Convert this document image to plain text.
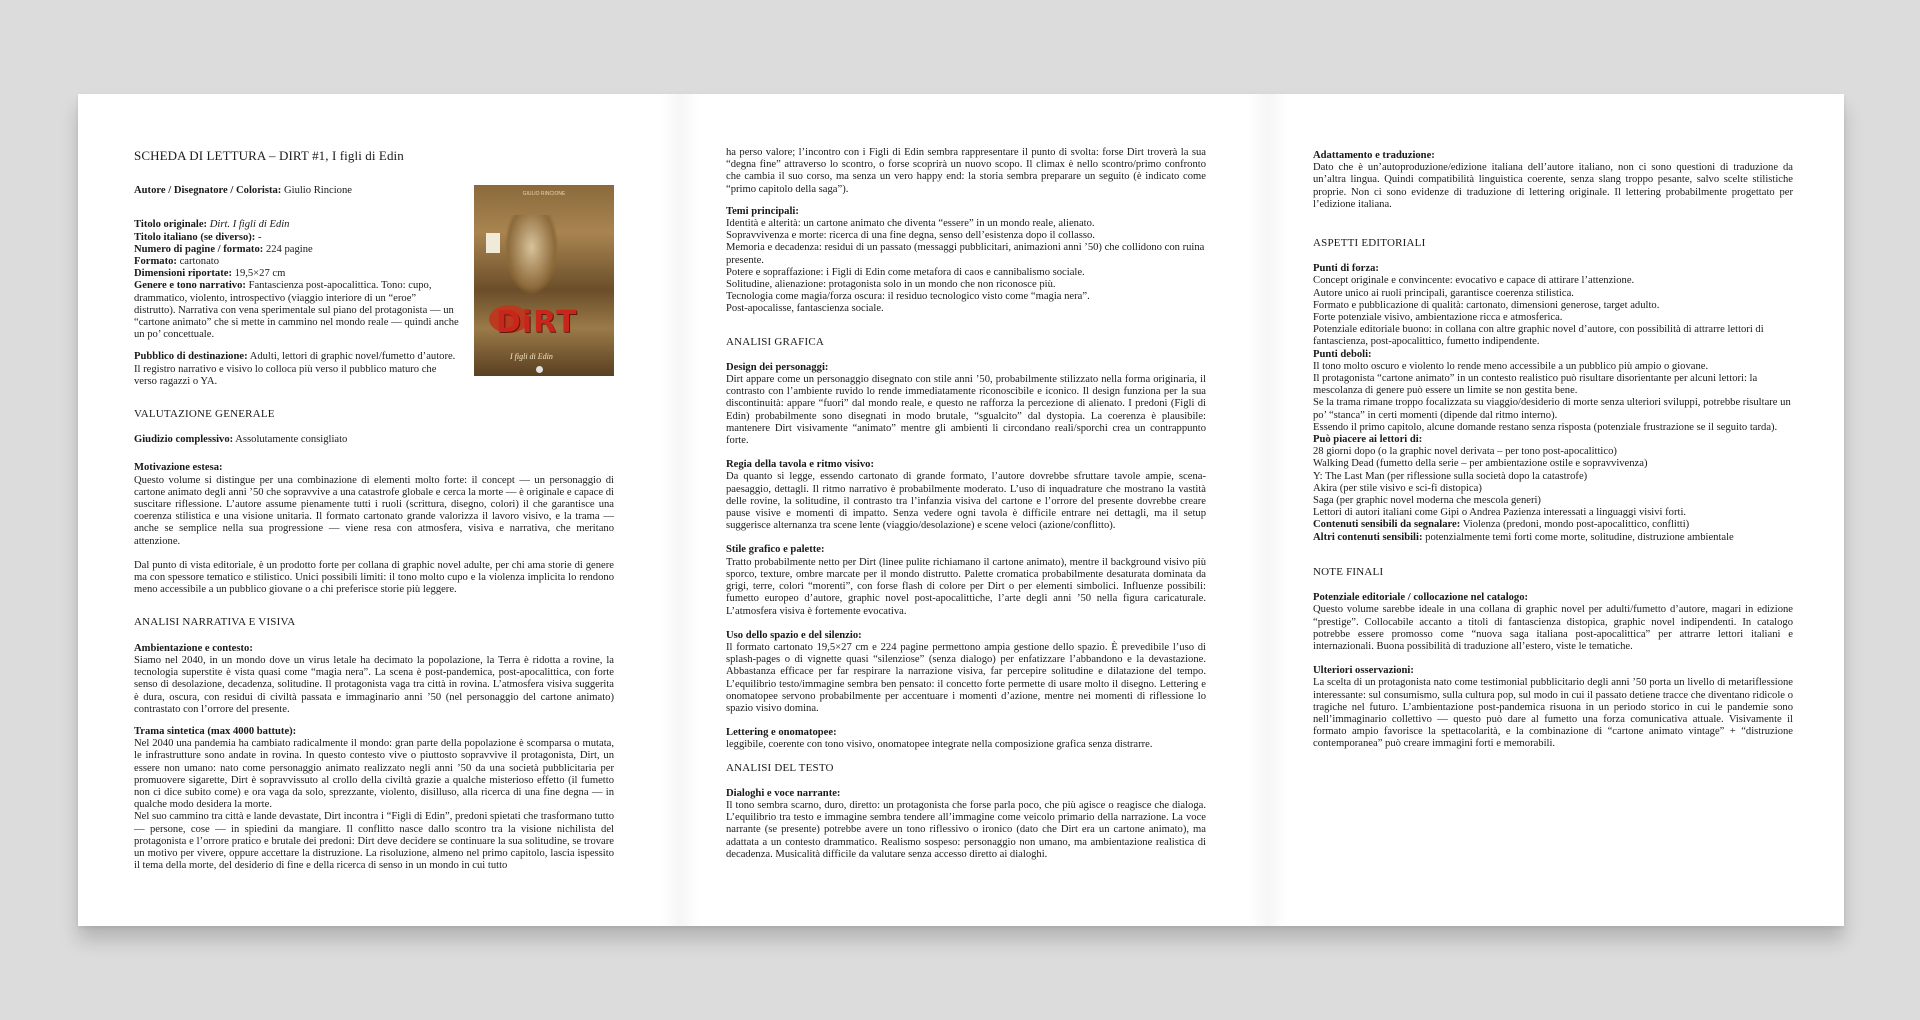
SCHEDA DI LETTURA – DIRT #1, I figli di Edin
GIULIO RINCIONE
DiRT
I figli di Edin

Autore / Disegnatore / Colorista: Giulio Rincione

Titolo originale: Dirt. I figli di Edin

Titolo italiano (se diverso): -

Numero di pagine / formato: 224 pagine

Formato: cartonato

Dimensioni riportate: 19,5×27 cm

Genere e tono narrativo: Fantascienza post-apocalittica. Tono: cupo, drammatico, violento, introspectivo (viaggio interiore di un “eroe” distrutto). Narrativa con vena sperimentale sul piano del protagonista — un “cartone animato” che si mette in cammino nel mondo reale — quindi anche un po’ concettuale.

Pubblico di destinazione: Adulti, lettori di graphic novel/fumetto d’autore. Il registro narrativo e visivo lo colloca più verso il pubblico maturo che verso ragazzi o YA.

VALUTAZIONE GENERALE

Giudizio complessivo: Assolutamente consigliato

Motivazione estesa:

Questo volume si distingue per una combinazione di elementi molto forte: il concept — un personaggio di cartone animato degli anni ’50 che sopravvive a una catastrofe globale e cerca la morte — è originale e capace di suscitare riflessione. L’autore assume pienamente tutti i ruoli (scrittura, disegno, colori) il che garantisce una coerenza stilistica e una visione unitaria. Il formato cartonato grande valorizza il lavoro visivo, e la trama — anche se semplice nella sua progressione — viene resa con atmosfera, visiva e narrativa, che meritano attenzione.

Dal punto di vista editoriale, è un prodotto forte per collana di graphic novel adulte, per chi ama storie di genere ma con spessore tematico e stilistico. Unici possibili limiti: il tono molto cupo e la violenza implicita lo rendono meno accessibile a un pubblico giovane o a chi preferisce storie più leggere.

ANALISI NARRATIVA E VISIVA

Ambientazione e contesto:

Siamo nel 2040, in un mondo dove un virus letale ha decimato la popolazione, la Terra è ridotta a rovine, la tecnologia superstite è vista quasi come “magia nera”. La scena è post-pandemica, post-apocalittica, con forte senso di desolazione, decadenza, solitudine. Il protagonista vaga tra città in rovina. L’atmosfera visiva suggerita è dura, oscura, con residui di civiltà passata e immaginario anni ’50 (nel personaggio del cartone animato) contrastato con l’orrore del presente.

Trama sintetica (max 4000 battute):

Nel 2040 una pandemia ha cambiato radicalmente il mondo: gran parte della popolazione è scomparsa o mutata, le infrastrutture sono andate in rovina. In questo contesto vive o piuttosto sopravvive il protagonista, Dirt, un essere non umano: nato come personaggio animato realizzato negli anni ’50 da una società pubblicitaria per promuovere sigarette, Dirt è sopravvissuto al crollo della civiltà grazie a qualche misterioso effetto (il fumetto non ci dice subito come) e ora vaga da solo, sprezzante, violento, disilluso, alla ricerca di una fine degna — in qualche modo desidera la morte.

Nel suo cammino tra città e lande devastate, Dirt incontra i “Figli di Edin”, predoni spietati che trasformano tutto — persone, cose — in spiedini da mangiare. Il conflitto nasce dallo scontro tra la visione nichilista del protagonista e l’orrore pratico e brutale dei predoni: Dirt deve decidere se continuare la sua solitudine, se trovare un motivo per vivere, oppure accettare la distruzione. La risoluzione, almeno nel primo capitolo, lascia ispessito il tema della morte, del desiderio di fine e della ricerca di senso in un mondo in cui tutto

ha perso valore; l’incontro con i Figli di Edin sembra rappresentare il punto di svolta: forse Dirt troverà la sua “degna fine” attraverso lo scontro, o forse scoprirà un nuovo scopo. Il climax è nello scontro/primo confronto che cambia il suo corso, ma senza un vero happy end: la storia sembra preparare un seguito (è indicato come “primo capitolo della saga”).

Temi principali:

Identità e alterità: un cartone animato che diventa “essere” in un mondo reale, alienato.
Sopravvivenza e morte: ricerca di una fine degna, senso dell’esistenza dopo il collasso.
Memoria e decadenza: residui di un passato (messaggi pubblicitari, animazioni anni ’50) che collidono con ruina presente.
Potere e sopraffazione: i Figli di Edin come metafora di caos e cannibalismo sociale.
Solitudine, alienazione: protagonista solo in un mondo che non riconosce più.
Tecnologia come magia/forza oscura: il residuo tecnologico visto come “magia nera”.
Post-apocalisse, fantascienza sociale.
ANALISI GRAFICA

Design dei personaggi:

Dirt appare come un personaggio disegnato con stile anni ’50, probabilmente stilizzato nella forma originaria, il contrasto con l’ambiente ruvido lo rende immediatamente riconoscibile e iconico. Il design funziona per la sua discontinuità: appare “fuori” dal mondo reale, e questo ne rafforza la percezione di alienato. I predoni (Figli di Edin) probabilmente sono disegnati in modo brutale, “sgualcito” dal dystopia. La coerenza è plausibile: mantenere Dirt visivamente “animato” mentre gli ambienti li circondano reali/sporchi crea un contrappunto forte.

Regia della tavola e ritmo visivo:

Da quanto si legge, essendo cartonato di grande formato, l’autore dovrebbe sfruttare tavole ampie, scena-paesaggio, dettagli. Il ritmo narrativo è probabilmente moderato. L’uso di inquadrature che mostrano la vastità delle rovine, la solitudine, il contrasto tra l’infanzia visiva del cartone e l’orrore del presente dovrebbe creare pause visive e momenti di impatto. Senza vedere ogni tavola è difficile entrare nei dettagli, ma il setup suggerisce alternanza tra scene lente (viaggio/desolazione) e scene veloci (azione/conflitto).

Stile grafico e palette:

Tratto probabilmente netto per Dirt (linee pulite richiamano il cartone animato), mentre il background visivo più sporco, texture, ombre marcate per il mondo distrutto. Palette cromatica probabilmente desaturata dominata da grigi, terre, colori “morenti”, con forse flash di colore per Dirt o per elementi simbolici. Influenze possibili: fumetto europeo d’autore, graphic novel post-apocalittiche, l’arte degli anni ’50 nella figura caricaturale. L’atmosfera visiva è fortemente evocativa.

Uso dello spazio e del silenzio:

Il formato cartonato 19,5×27 cm e 224 pagine permettono ampia gestione dello spazio. È prevedibile l’uso di splash-pages o di vignette quasi “silenziose” (senza dialogo) per enfatizzare l’abbandono e la devastazione. Abbastanza efficace per far respirare la narrazione visiva, far percepire solitudine e dilatazione del tempo. L’equilibrio testo/immagine sembra ben pensato: il concetto forte permette di usare molto il disegno. Lettering e onomatopee servono probabilmente per accentuare i momenti d’azione, mentre nei momenti di riflessione lo spazio visivo domina.

Lettering e onomatopee:

leggibile, coerente con tono visivo, onomatopee integrate nella composizione grafica senza distrarre.

ANALISI DEL TESTO

Dialoghi e voce narrante:

Il tono sembra scarno, duro, diretto: un protagonista che forse parla poco, che più agisce o reagisce che dialoga. L’equilibrio tra testo e immagine sembra tendere all’immagine come veicolo primario della narrazione. La voce narrante (se presente) potrebbe avere un tono riflessivo o ironico (dato che Dirt era un cartone animato), ma adattata a un contesto drammatico. Realismo sospeso: personaggio non umano, ma ambientazione realistica di decadenza. Musicalità difficile da valutare senza accesso diretto ai dialoghi.

Adattamento e traduzione:

Dato che è un’autoproduzione/edizione italiana dell’autore italiano, non ci sono questioni di traduzione da un’altra lingua. Quindi compatibilità linguistica coerente, senza slang troppo pesante, salvo scelte stilistiche proprie. Non ci sono evidenze di traduzione di lettering originale. Il lettering probabilmente progettato per l’edizione italiana.

ASPETTI EDITORIALI

Punti di forza:

Concept originale e convincente: evocativo e capace di attirare l’attenzione.
Autore unico ai ruoli principali, garantisce coerenza stilistica.
Formato e pubblicazione di qualità: cartonato, dimensioni generose, target adulto.
Forte potenziale visivo, ambientazione ricca e atmosferica.
Potenziale editoriale buono: in collana con altre graphic novel d’autore, con possibilità di attrarre lettori di fantascienza, post-apocalittico, fumetto indipendente.

Punti deboli:

Il tono molto oscuro e violento lo rende meno accessibile a un pubblico più ampio o giovane.
Il protagonista “cartone animato” in un contesto realistico può risultare disorientante per alcuni lettori: la mescolanza di genere può essere un limite se non gestita bene.
Se la trama rimane troppo focalizzata su viaggio/desiderio di morte senza ulteriori sviluppi, potrebbe risultare un po’ “stanca” in certi momenti (dipende dal ritmo interno).
Essendo il primo capitolo, alcune domande restano senza risposta (potenziale frustrazione se il seguito tarda).

Può piacere ai lettori di:

28 giorni dopo (o la graphic novel derivata – per tono post-apocalittico)
Walking Dead (fumetto della serie – per ambientazione ostile e sopravvivenza)
Y: The Last Man (per riflessione sulla società dopo la catastrofe)
Akira (per stile visivo e sci-fi distopica)
Saga (per graphic novel moderna che mescola generi)
Lettori di autori italiani come Gipi o Andrea Pazienza interessati a linguaggi visivi forti.

Contenuti sensibili da segnalare: Violenza (predoni, mondo post-apocalittico, conflitti)

Altri contenuti sensibili: potenzialmente temi forti come morte, solitudine, distruzione ambientale

NOTE FINALI

Potenziale editoriale / collocazione nel catalogo:

Questo volume sarebbe ideale in una collana di graphic novel per adulti/fumetto d’autore, magari in edizione “prestige”. Collocabile accanto a titoli di fantascienza distopica, graphic novel indipendenti. In catalogo potrebbe essere promosso come “nuova saga italiana post-apocalittica” per attrarre lettori italiani e internazionali. Buona possibilità di traduzione all’estero, viste le tematiche.

Ulteriori osservazioni:

La scelta di un protagonista nato come testimonial pubblicitario degli anni ’50 porta un livello di metariflessione interessante: sul consumismo, sulla cultura pop, sul modo in cui il passato detiene tracce che diventano ridicole o tragiche nel futuro. L’ambientazione post-pandemica risuona in un periodo storico in cui le pandemie sono nell’immaginario collettivo — questo può dare al fumetto una forza comunicativa attuale. Visivamente il formato ampio favorisce la spettacolarità, e la combinazione di “cartone animato vintage” + “distruzione contemporanea” può creare immagini forti e memorabili.
